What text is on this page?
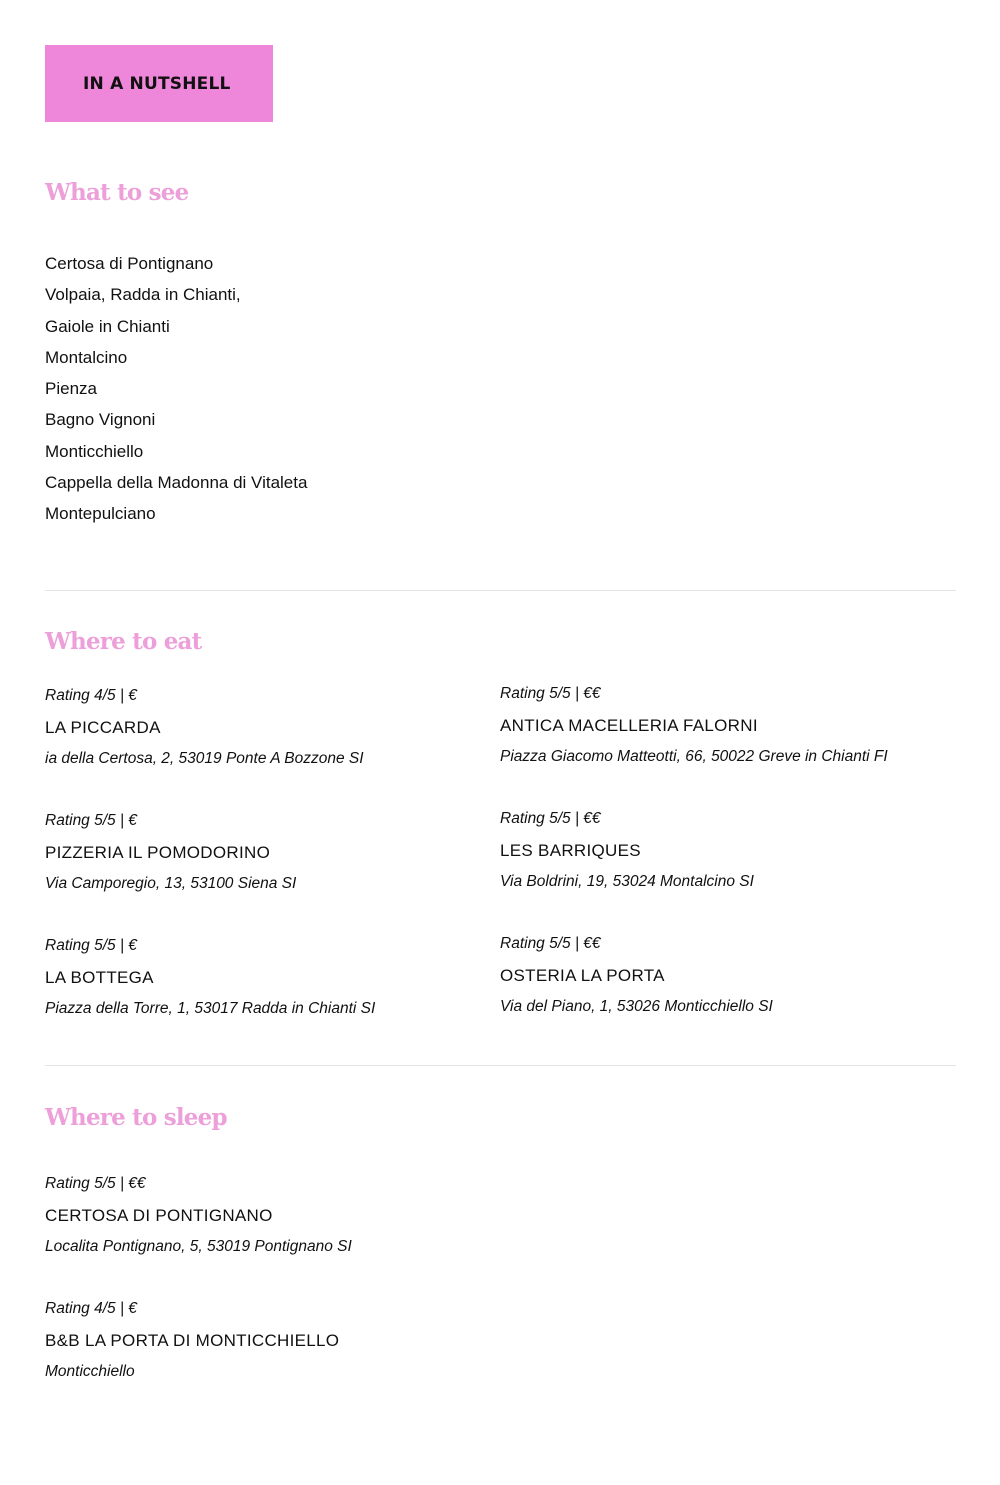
IN A NUTSHELL
What to see
Certosa di Pontignano
Volpaia, Radda in Chianti,
Gaiole in Chianti
Montalcino
Pienza
Bagno Vignoni
Monticchiello
Cappella della Madonna di Vitaleta
Montepulciano
Where to eat
Rating 4/5 | €
LA PICCARDA
ia della Certosa, 2, 53019 Ponte A Bozzone SI
Rating 5/5 | €€
ANTICA MACELLERIA FALORNI
Piazza Giacomo Matteotti, 66, 50022 Greve in Chianti FI
Rating 5/5 | €
PIZZERIA IL POMODORINO
Via Camporegio, 13, 53100 Siena SI
Rating 5/5 | €€
LES BARRIQUES
Via Boldrini, 19, 53024 Montalcino SI
Rating 5/5 | €
LA BOTTEGA
Piazza della Torre, 1, 53017 Radda in Chianti SI
Rating 5/5 | €€
OSTERIA LA PORTA
Via del Piano, 1, 53026 Monticchiello SI
Where to sleep
Rating 5/5 | €€
CERTOSA DI PONTIGNANO
Localita Pontignano, 5, 53019 Pontignano SI
Rating 4/5 | €
B&B LA PORTA DI MONTICCHIELLO
Monticchiello
